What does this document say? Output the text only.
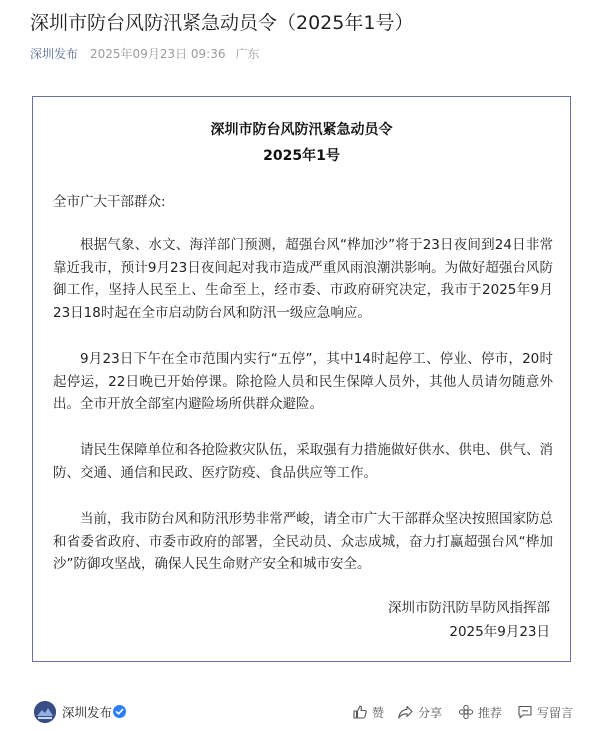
深圳市防台风防汛紧急动员令（2025年1号）
深圳发布 2025年09月23日 09:36 广东
深圳市防台风防汛紧急动员令
2025年1号
全市广大干部群众:

根据气象、水文、海洋部门预测，超强台风“桦加沙”将于23日夜间到24日非常靠近我市，预计9月23日夜间起对我市造成严重风雨浪潮洪影响。为做好超强台风防御工作，坚持人民至上、生命至上，经市委、市政府研究决定，我市于2025年9月23日18时起在全市启动防台风和防汛一级应急响应。

9月23日下午在全市范围内实行“五停”，其中14时起停工、停业、停市，20时起停运，22日晚已开始停课。除抢险人员和民生保障人员外，其他人员请勿随意外出。全市开放全部室内避险场所供群众避险。

请民生保障单位和各抢险救灾队伍，采取强有力措施做好供水、供电、供气、消防、交通、通信和民政、医疗防疫、食品供应等工作。

当前，我市防台风和防汛形势非常严峻，请全市广大干部群众坚决按照国家防总和省委省政府、市委市政府的部署，全民动员、众志成城，奋力打赢超强台风“桦加沙”防御攻坚战，确保人民生命财产安全和城市安全。

深圳市防汛防旱防风指挥部
2025年9月23日
深圳发布	赞	分享	推荐	写留言
